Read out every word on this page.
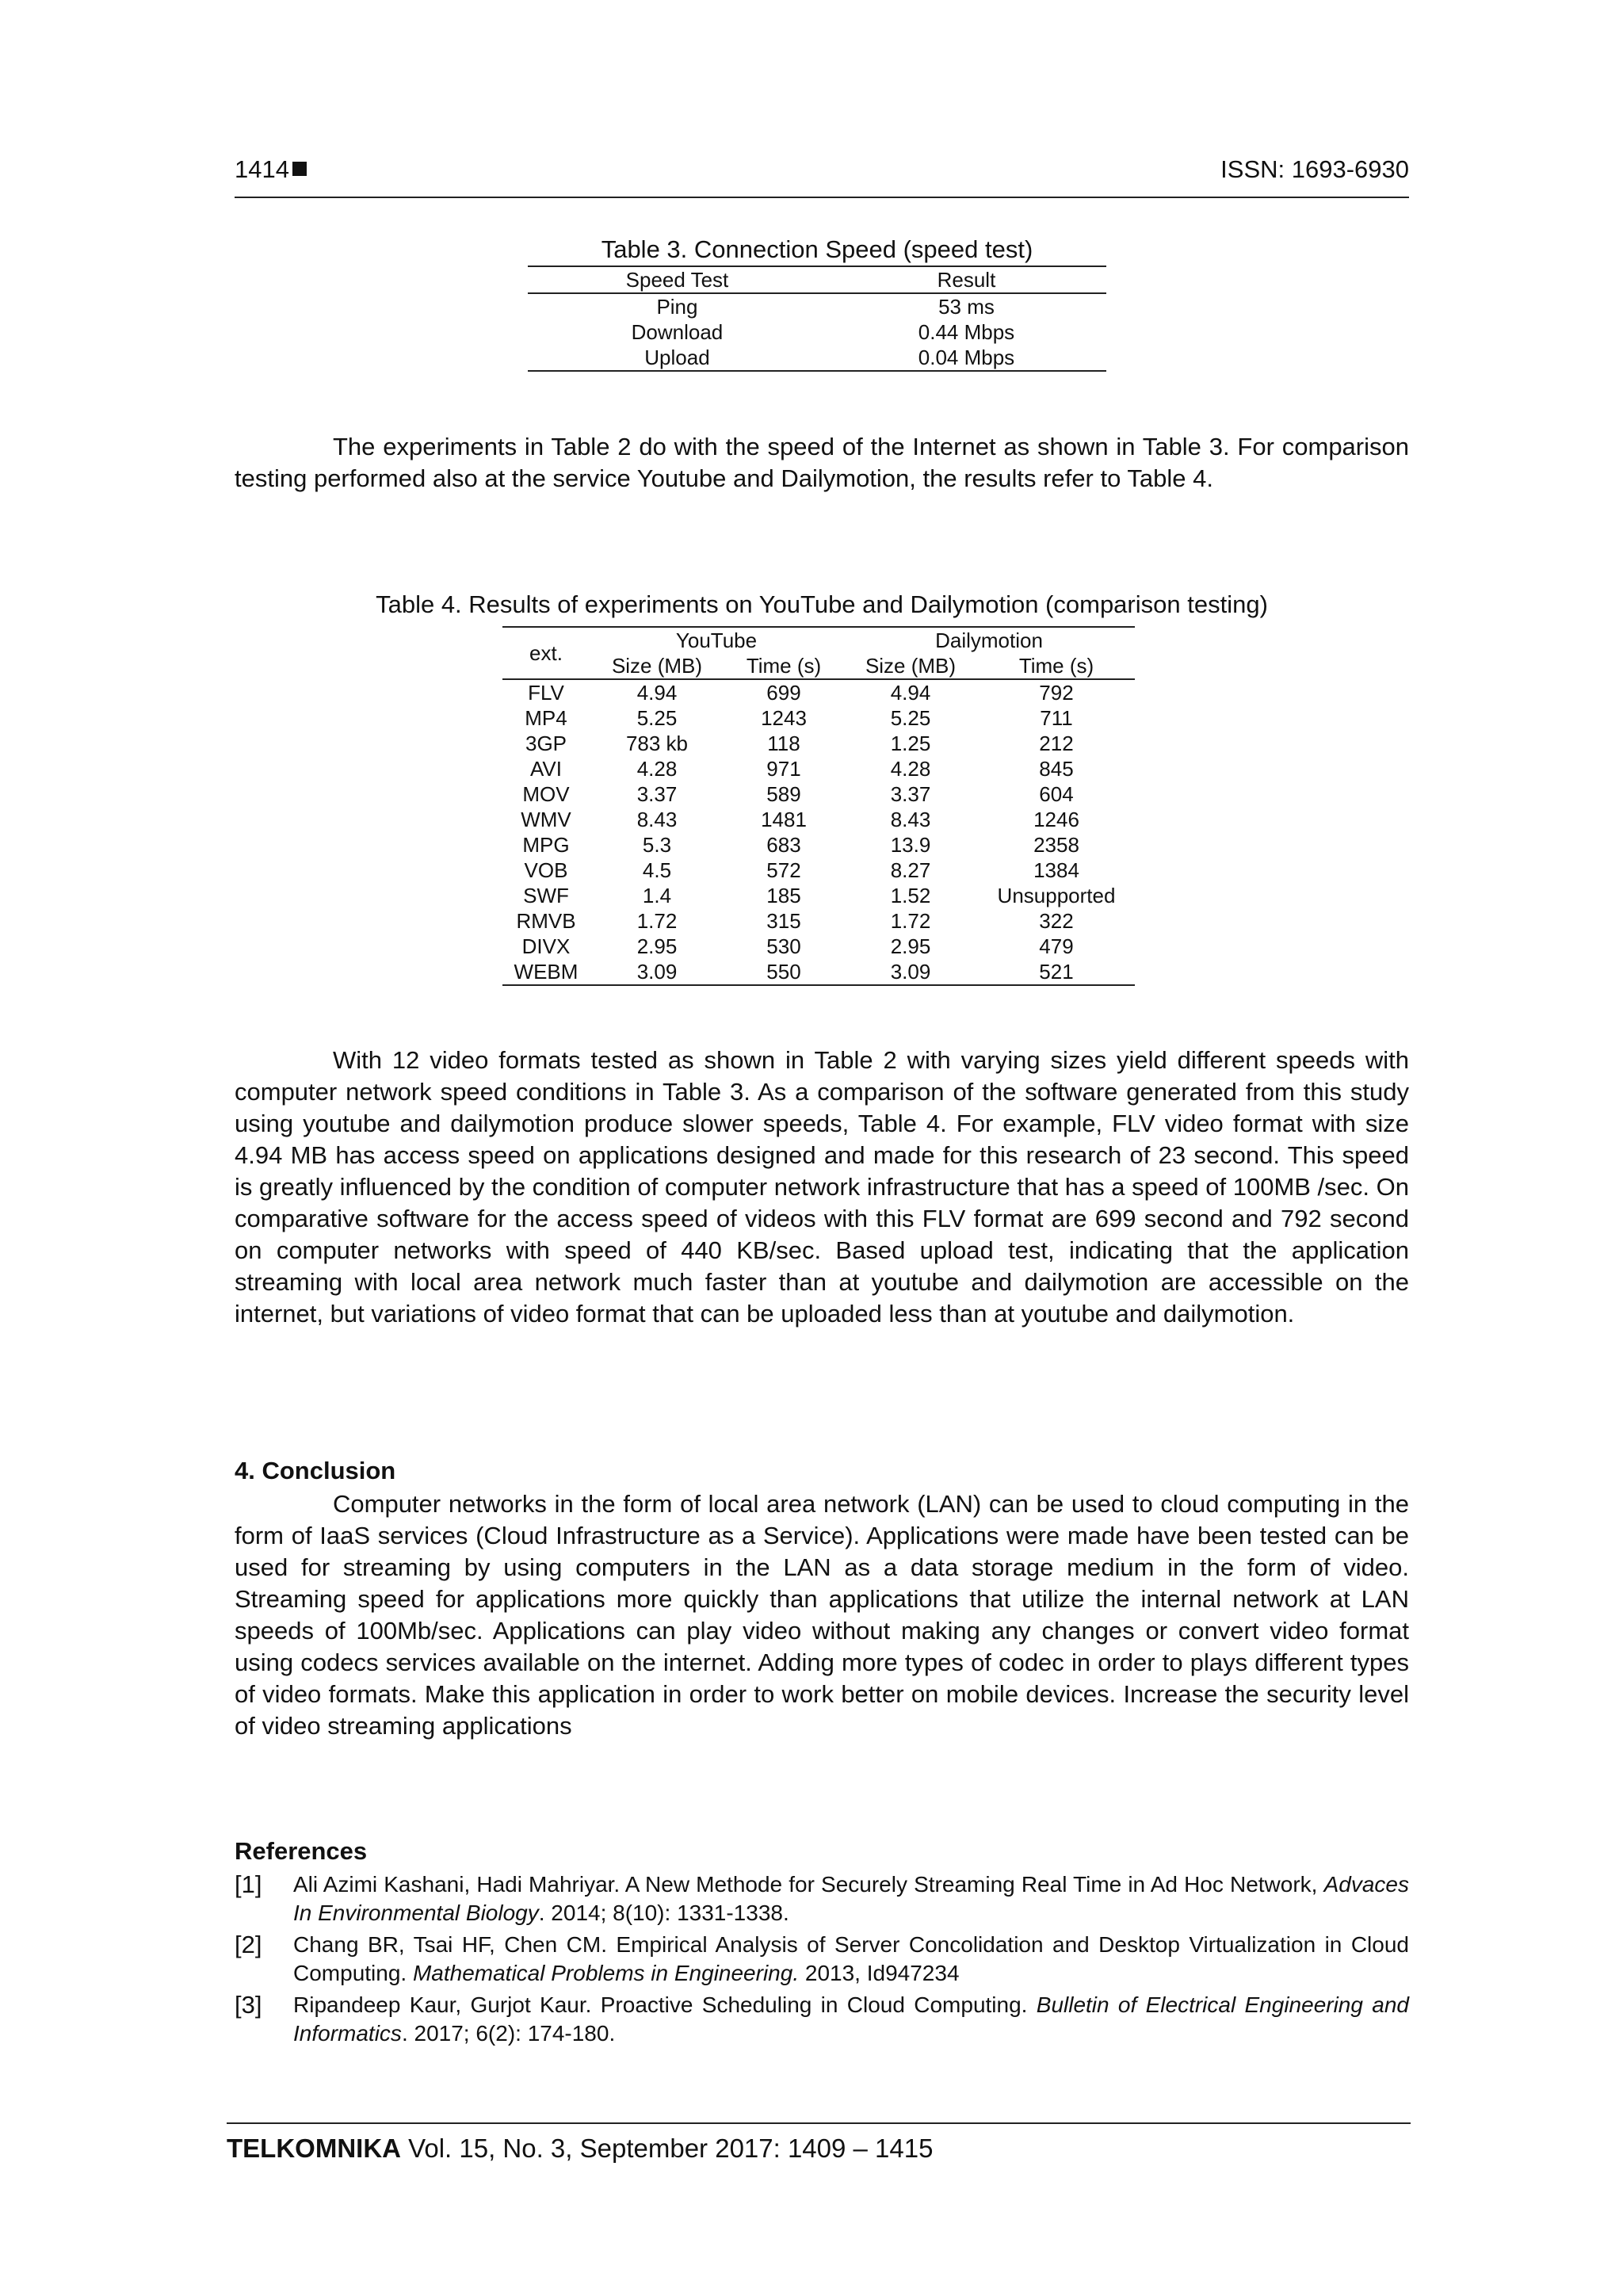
1414	ISSN: 1693-6930
Table 3. Connection Speed (speed test)
Speed Test	Result
Ping	53 ms
Download	0.44 Mbps
Upload	0.04 Mbps
The experiments in Table 2 do with the speed of the Internet as shown in Table 3. For comparison testing performed also at the service Youtube and Dailymotion, the results refer to Table 4.
Table 4. Results of experiments on YouTube and Dailymotion (comparison testing)
ext.	YouTube		Dailymotion	
	Size (MB)	Time (s)	Size (MB)	Time (s)
FLV	4.94	699	4.94	792
MP4	5.25	1243	5.25	711
3GP	783 kb	118	1.25	212
AVI	4.28	971	4.28	845
MOV	3.37	589	3.37	604
WMV	8.43	1481	8.43	1246
MPG	5.3	683	13.9	2358
VOB	4.5	572	8.27	1384
SWF	1.4	185	1.52	Unsupported
RMVB	1.72	315	1.72	322
DIVX	2.95	530	2.95	479
WEBM	3.09	550	3.09	521
With 12 video formats tested as shown in Table 2 with varying sizes yield different speeds with computer network speed conditions in Table 3. As a comparison of the software generated from this study using youtube and dailymotion produce slower speeds, Table 4. For example, FLV video format with size 4.94 MB has access speed on applications designed and made for this research of 23 second. This speed is greatly influenced by the condition of computer network infrastructure that has a speed of 100MB /sec. On comparative software for the access speed of videos with this FLV format are 699 second and 792 second on computer networks with speed of 440 KB/sec. Based upload test, indicating that the application streaming with local area network much faster than at youtube and dailymotion are accessible on the internet, but variations of video format that can be uploaded less than at youtube and dailymotion.
4. Conclusion
Computer networks in the form of local area network (LAN) can be used to cloud computing in the form of IaaS services (Cloud Infrastructure as a Service). Applications were made have been tested can be used for streaming by using computers in the LAN as a data storage medium in the form of video. Streaming speed for applications more quickly than applications that utilize the internal network at LAN speeds of 100Mb/sec. Applications can play video without making any changes or convert video format using codecs services available on the internet. Adding more types of codec in order to plays different types of video formats. Make this application in order to work better on mobile devices. Increase the security level of video streaming applications
References
[1]	Ali Azimi Kashani, Hadi Mahriyar. A New Methode for Securely Streaming Real Time in Ad Hoc Network, Advaces In Environmental Biology. 2014; 8(10): 1331-1338.
[2]	Chang BR, Tsai HF, Chen CM. Empirical Analysis of Server Concolidation and Desktop Virtualization in Cloud Computing. Mathematical Problems in Engineering. 2013, Id947234
[3]	Ripandeep Kaur, Gurjot Kaur. Proactive Scheduling in Cloud Computing. Bulletin of Electrical Engineering and Informatics. 2017; 6(2): 174-180.
TELKOMNIKA Vol. 15, No. 3, September 2017: 1409 – 1415
